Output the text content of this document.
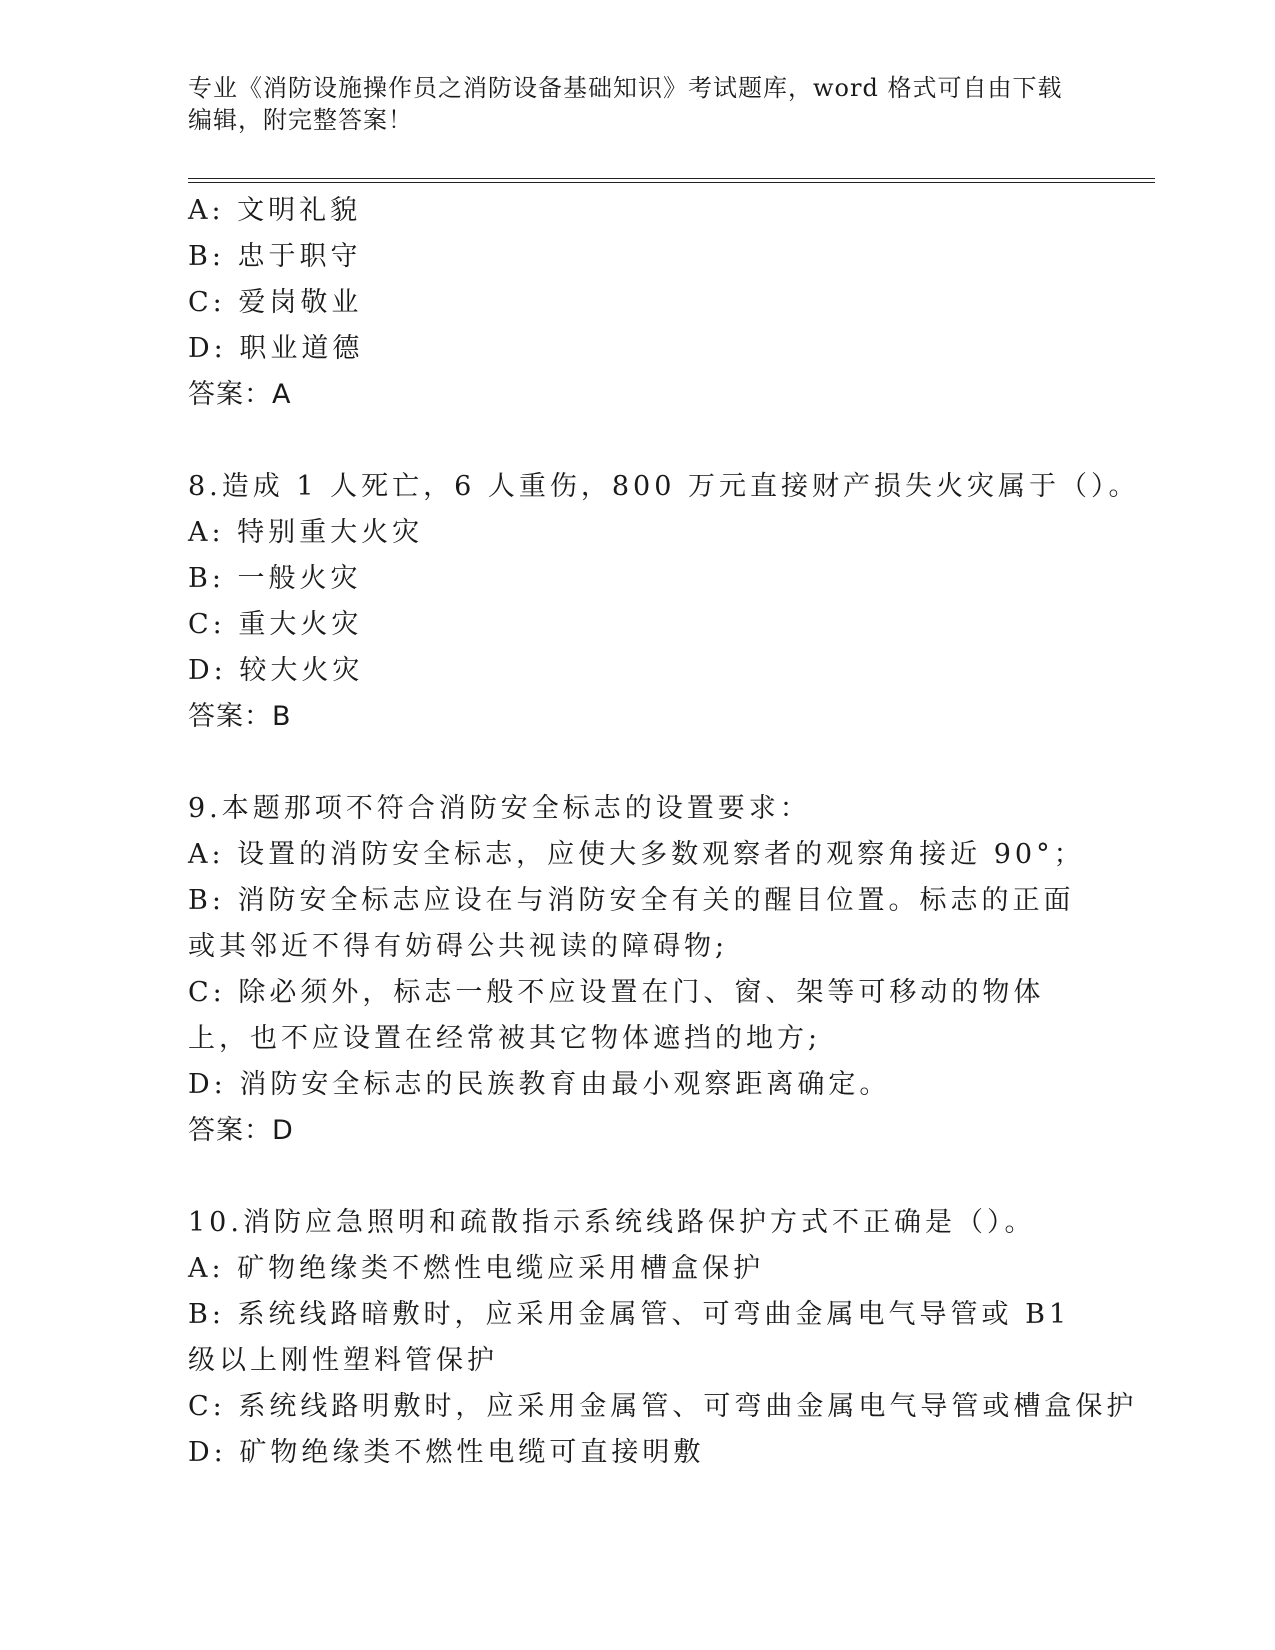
专业《消防设施操作员之消防设备基础知识》考试题库，word 格式可自由下载编辑，附完整答案！
A: 文明礼貌
B: 忠于职守
C: 爱岗敬业
D: 职业道德
答案：A
8.造成 1 人死亡，6 人重伤，800 万元直接财产损失火灾属于（）。
A: 特别重大火灾
B: 一般火灾
C: 重大火灾
D: 较大火灾
答案：B
9.本题那项不符合消防安全标志的设置要求：
A: 设置的消防安全标志，应使大多数观察者的观察角接近 90°；
B: 消防安全标志应设在与消防安全有关的醒目位置。标志的正面或其邻近不得有妨碍公共视读的障碍物;
C: 除必须外，标志一般不应设置在门、窗、架等可移动的物体上，也不应设置在经常被其它物体遮挡的地方;
D: 消防安全标志的民族教育由最小观察距离确定。
答案：D
10.消防应急照明和疏散指示系统线路保护方式不正确是（）。
A: 矿物绝缘类不燃性电缆应采用槽盒保护
B: 系统线路暗敷时，应采用金属管、可弯曲金属电气导管或 B1 级以上刚性塑料管保护
C: 系统线路明敷时，应采用金属管、可弯曲金属电气导管或槽盒保护
D: 矿物绝缘类不燃性电缆可直接明敷
